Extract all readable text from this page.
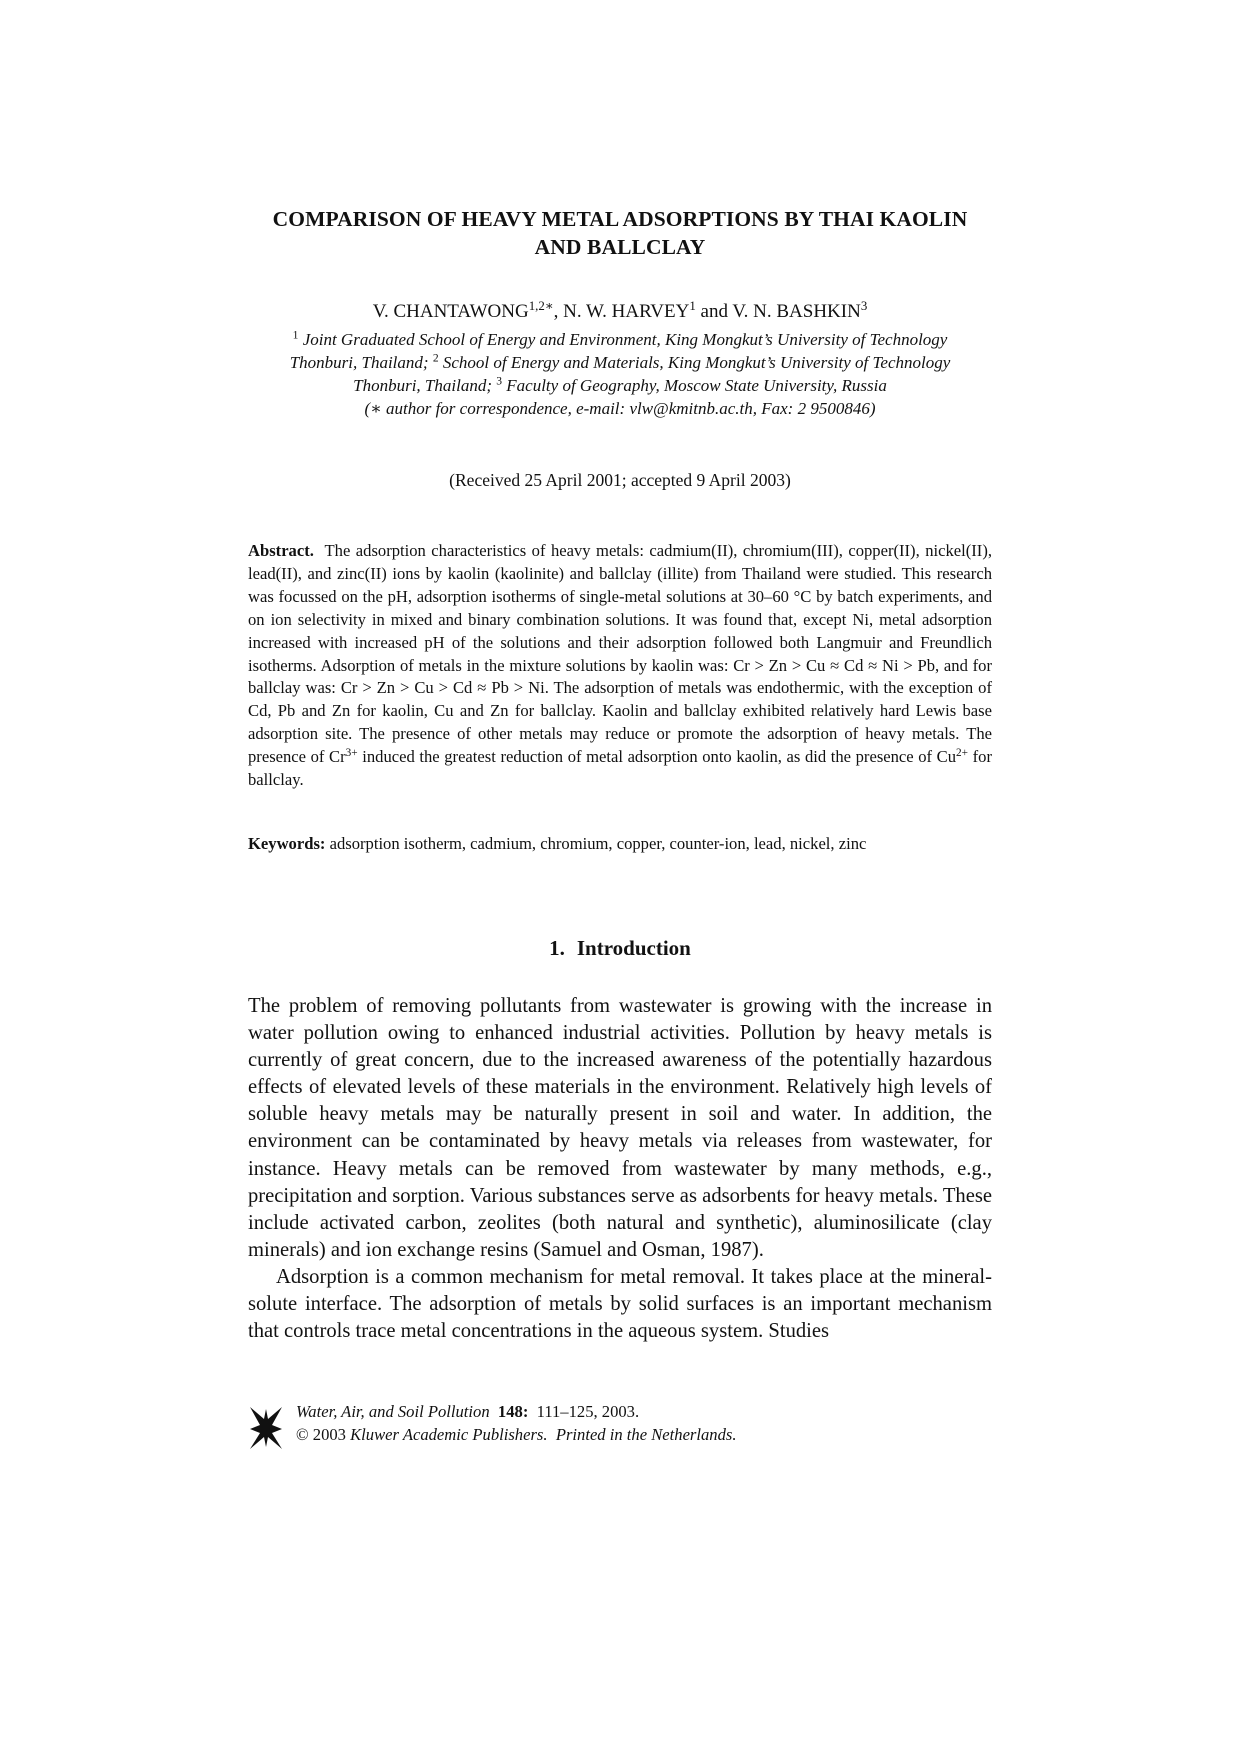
COMPARISON OF HEAVY METAL ADSORPTIONS BY THAI KAOLIN
AND BALLCLAY
V. $CHANTAWONG^{1,2∗}$, N. W. HARVEY$^1$ and V. N. BASHKIN$^3$
$^1$ Joint Graduated School of Energy and Environment, King Mongkut’s University of Technology
Thonburi, Thailand; $^2$ School of Energy and Materials, King Mongkut’s University of Technology
Thonburi, Thailand; $^3$ Faculty of Geography, Moscow State University, Russia
(∗ author for correspondence, e-mail: vlw@kmitnb.ac.th, Fax: 2 9500846)
(Received 25 April 2001; accepted 9 April 2003)
Abstract. The adsorption characteristics of heavy metals: cadmium(II), chromium(III), copper(II), nickel(II), lead(II), and zinc(II) ions by kaolin (kaolinite) and ballclay (illite) from Thailand were studied. This research was focussed on the pH, adsorption isotherms of single-metal solutions at 30–60 °C by batch experiments, and on ion selectivity in mixed and binary combination solutions. It was found that, except Ni, metal adsorption increased with increased pH of the solutions and their adsorption followed both Langmuir and Freundlich isotherms. Adsorption of metals in the mixture solutions by kaolin was: Cr > Zn > Cu ≈ Cd ≈ Ni > Pb, and for ballclay was: Cr > Zn > Cu > Cd ≈ Pb > Ni. The adsorption of metals was endothermic, with the exception of Cd, Pb and Zn for kaolin, Cu and Zn for ballclay. Kaolin and ballclay exhibited relatively hard Lewis base adsorption site. The presence of other metals may reduce or promote the adsorption of heavy metals. The presence of $Cr^{3+}$ induced the greatest reduction of metal adsorption onto kaolin, as did the presence of $Cu^{2+}$ for ballclay.
Keywords: adsorption isotherm, cadmium, chromium, copper, counter-ion, lead, nickel, zinc
1. Introduction

The problem of removing pollutants from wastewater is growing with the increase in water pollution owing to enhanced industrial activities. Pollution by heavy metals is currently of great concern, due to the increased awareness of the potentially hazardous effects of elevated levels of these materials in the environment. Relatively high levels of soluble heavy metals may be naturally present in soil and water. In addition, the environment can be contaminated by heavy metals via releases from wastewater, for instance. Heavy metals can be removed from wastewater by many methods, e.g., precipitation and sorption. Various substances serve as adsorbents for heavy metals. These include activated carbon, zeolites (both natural and synthetic), aluminosilicate (clay minerals) and ion exchange resins (Samuel and Osman, 1987).

Adsorption is a common mechanism for metal removal. It takes place at the mineral-solute interface. The adsorption of metals by solid surfaces is an important mechanism that controls trace metal concentrations in the aqueous system. Studies

Water, Air, and Soil Pollution 148: 111–125, 2003.
© 2003 Kluwer Academic Publishers. Printed in the Netherlands.
